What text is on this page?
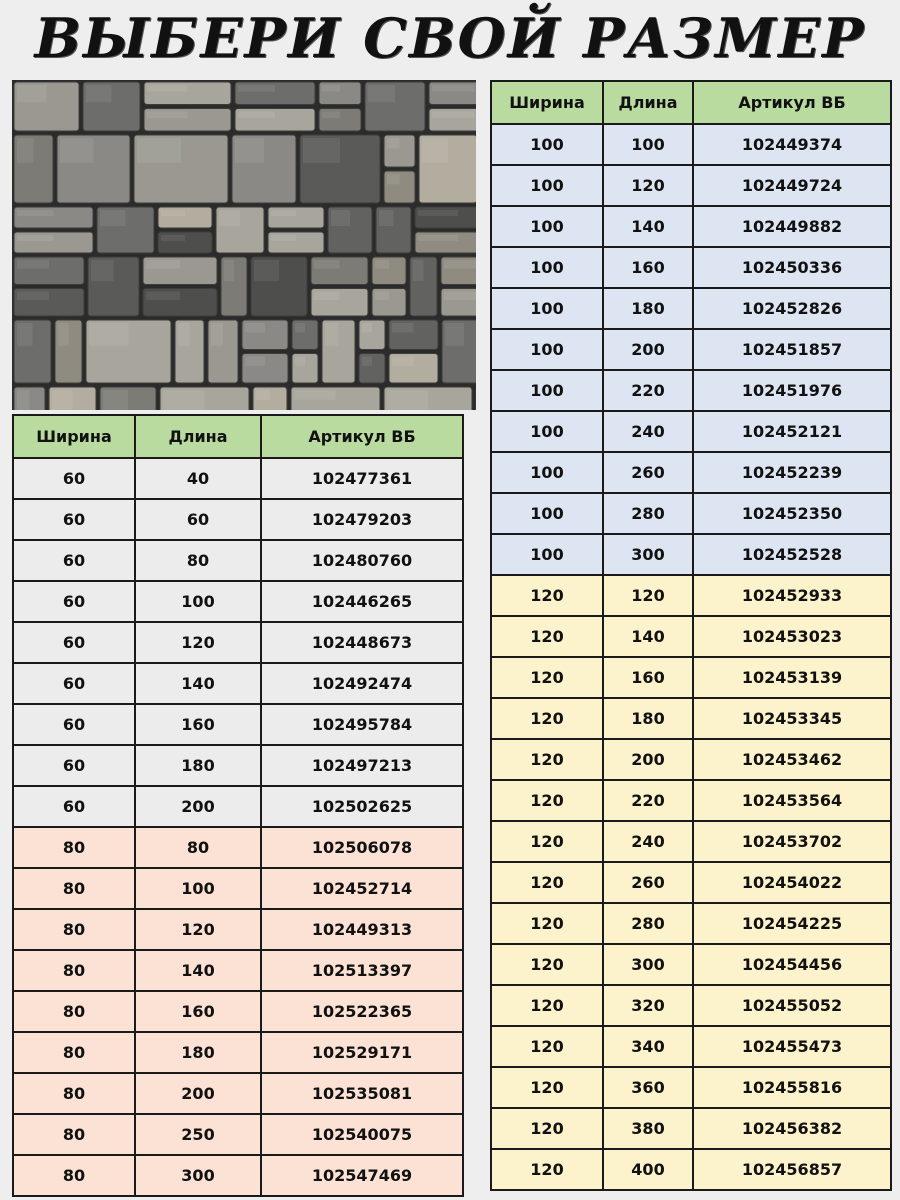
ВЫБЕРИ СВОЙ РАЗМЕР
Ширина	Длина	Артикул ВБ
60	40	102477361
60	60	102479203
60	80	102480760
60	100	102446265
60	120	102448673
60	140	102492474
60	160	102495784
60	180	102497213
60	200	102502625
80	80	102506078
80	100	102452714
80	120	102449313
80	140	102513397
80	160	102522365
80	180	102529171
80	200	102535081
80	250	102540075
80	300	102547469
Ширина	Длина	Артикул ВБ
100	100	102449374
100	120	102449724
100	140	102449882
100	160	102450336
100	180	102452826
100	200	102451857
100	220	102451976
100	240	102452121
100	260	102452239
100	280	102452350
100	300	102452528
120	120	102452933
120	140	102453023
120	160	102453139
120	180	102453345
120	200	102453462
120	220	102453564
120	240	102453702
120	260	102454022
120	280	102454225
120	300	102454456
120	320	102455052
120	340	102455473
120	360	102455816
120	380	102456382
120	400	102456857
